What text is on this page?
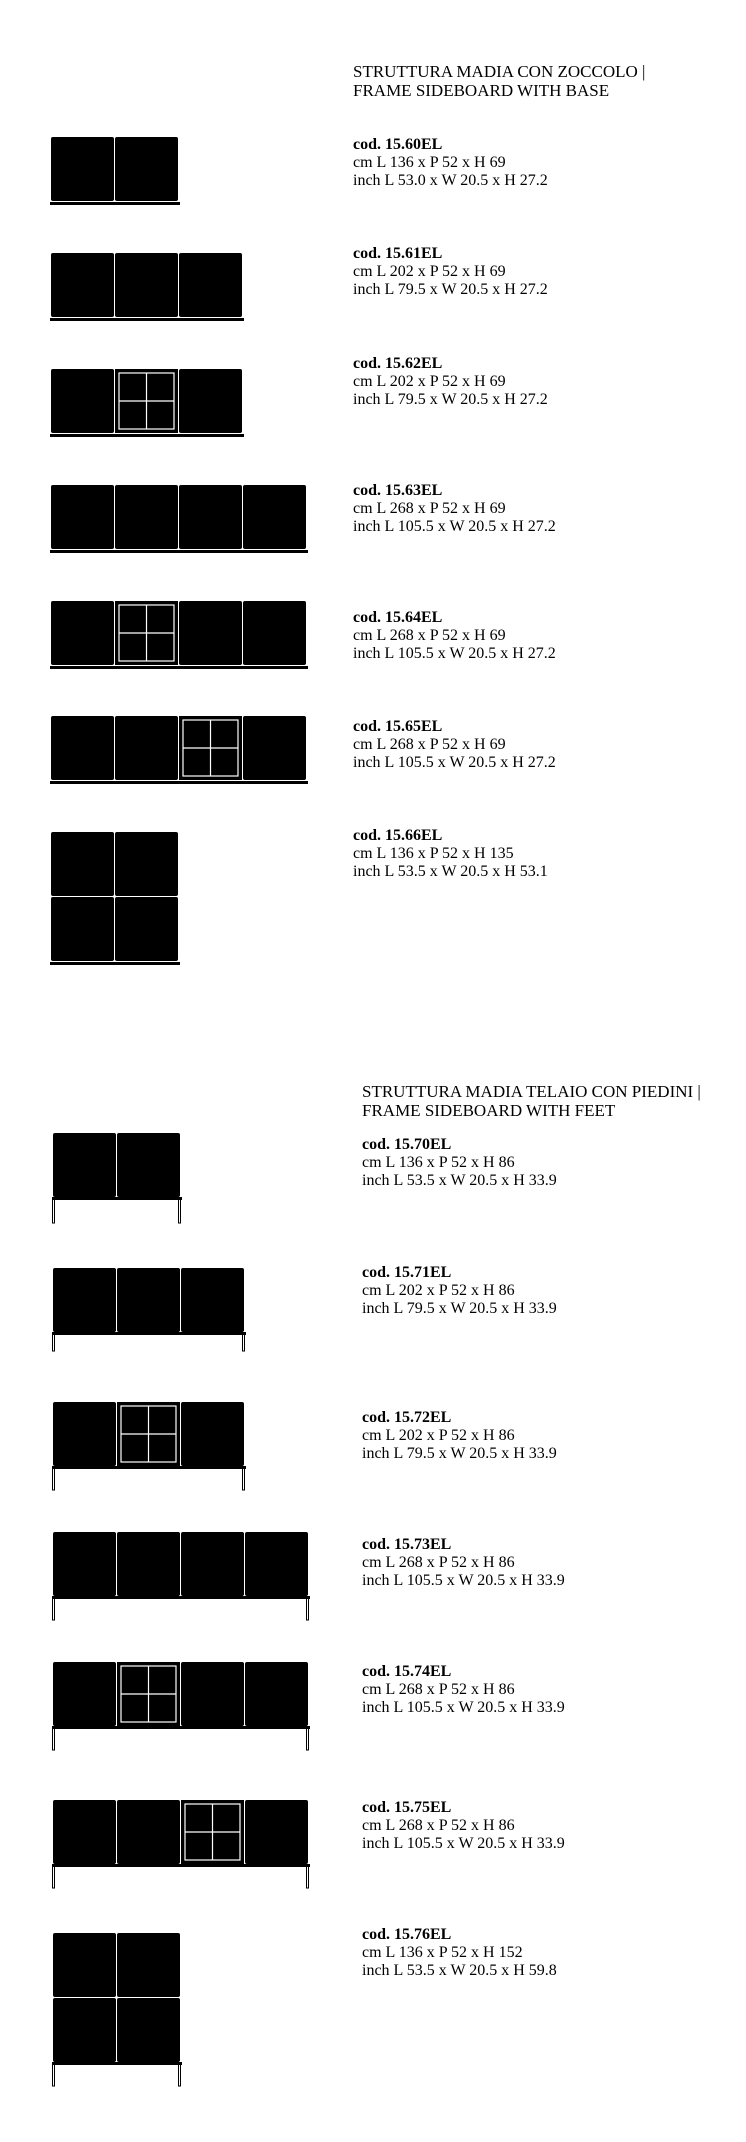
STRUTTURA MADIA CON ZOCCOLO |
FRAME SIDEBOARD WITH BASE
cod. 15.60EL
cm L 136 x P 52 x H 69
inch L 53.0 x W 20.5 x H 27.2
cod. 15.61EL
cm L 202 x P 52 x H 69
inch L 79.5 x W 20.5 x H 27.2
cod. 15.62EL
cm L 202 x P 52 x H 69
inch L 79.5 x W 20.5 x H 27.2
cod. 15.63EL
cm L 268 x P 52 x H 69
inch L 105.5 x W 20.5 x H 27.2
cod. 15.64EL
cm L 268 x P 52 x H 69
inch L 105.5 x W 20.5 x H 27.2
cod. 15.65EL
cm L 268 x P 52 x H 69
inch L 105.5 x W 20.5 x H 27.2
cod. 15.66EL
cm L 136 x P 52 x H 135
inch L 53.5 x W 20.5 x H 53.1
STRUTTURA MADIA TELAIO CON PIEDINI |
FRAME SIDEBOARD WITH FEET
cod. 15.70EL
cm L 136 x P 52 x H 86
inch L 53.5 x W 20.5 x H 33.9
cod. 15.71EL
cm L 202 x P 52 x H 86
inch L 79.5 x W 20.5 x H 33.9
cod. 15.72EL
cm L 202 x P 52 x H 86
inch L 79.5 x W 20.5 x H 33.9
cod. 15.73EL
cm L 268 x P 52 x H 86
inch L 105.5 x W 20.5 x H 33.9
cod. 15.74EL
cm L 268 x P 52 x H 86
inch L 105.5 x W 20.5 x H 33.9
cod. 15.75EL
cm L 268 x P 52 x H 86
inch L 105.5 x W 20.5 x H 33.9
cod. 15.76EL
cm L 136 x P 52 x H 152
inch L 53.5 x W 20.5 x H 59.8
